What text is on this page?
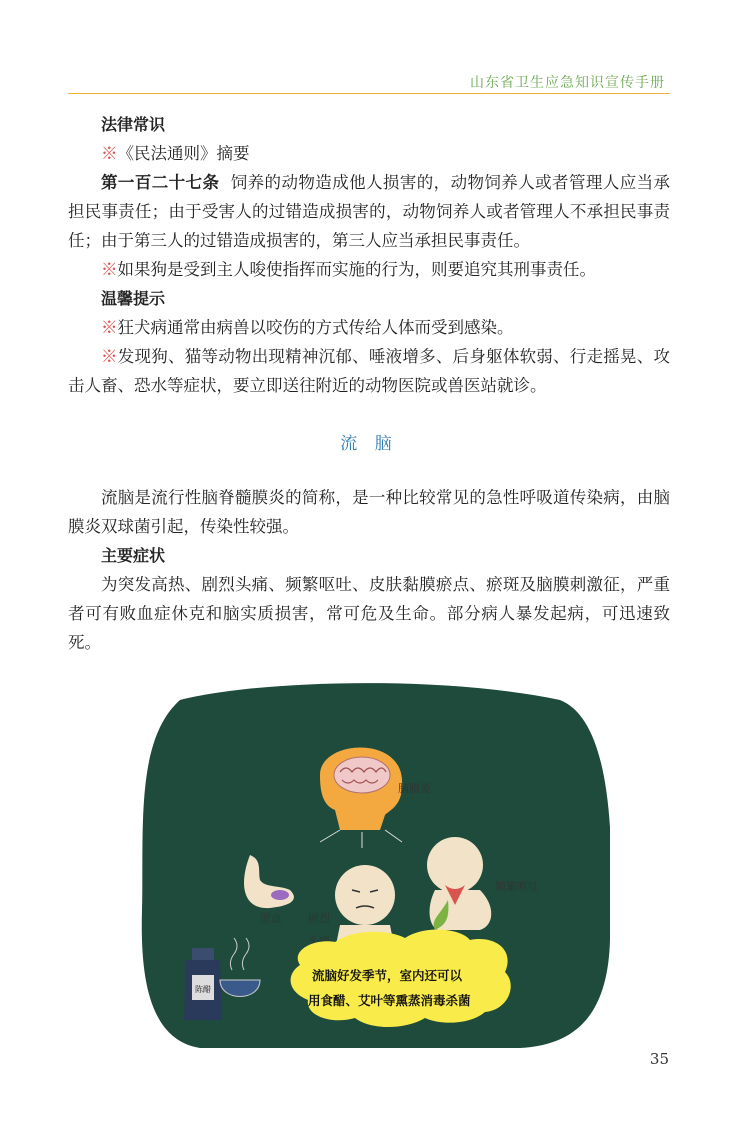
山东省卫生应急知识宣传手册

法律常识

※《民法通则》摘要

第一百二十七条 饲养的动物造成他人损害的，动物饲养人或者管理人应当承担民事责任；由于受害人的过错造成损害的，动物饲养人或者管理人不承担民事责任；由于第三人的过错造成损害的，第三人应当承担民事责任。

※如果狗是受到主人唆使指挥而实施的行为，则要追究其刑事责任。

温馨提示

※狂犬病通常由病兽以咬伤的方式传给人体而受到感染。

※发现狗、猫等动物出现精神沉郁、唾液增多、后身躯体软弱、行走摇晃、攻击人畜、恐水等症状，要立即送往附近的动物医院或兽医站就诊。

流 脑

流脑是流行性脑脊髓膜炎的简称，是一种比较常见的急性呼吸道传染病，由脑膜炎双球菌引起，传染性较强。

主要症状

为突发高热、剧烈头痛、频繁呕吐、皮肤黏膜瘀点、瘀斑及脑膜刺激征，严重者可有败血症休克和脑实质损害，常可危及生命。部分病人暴发起病，可迅速致死。

脑膜炎
淤血 剧烈
头痛
频繁呕吐
陈醋
流脑好发季节，室内还可以
用食醋、艾叶等熏蒸消毒杀菌
35
